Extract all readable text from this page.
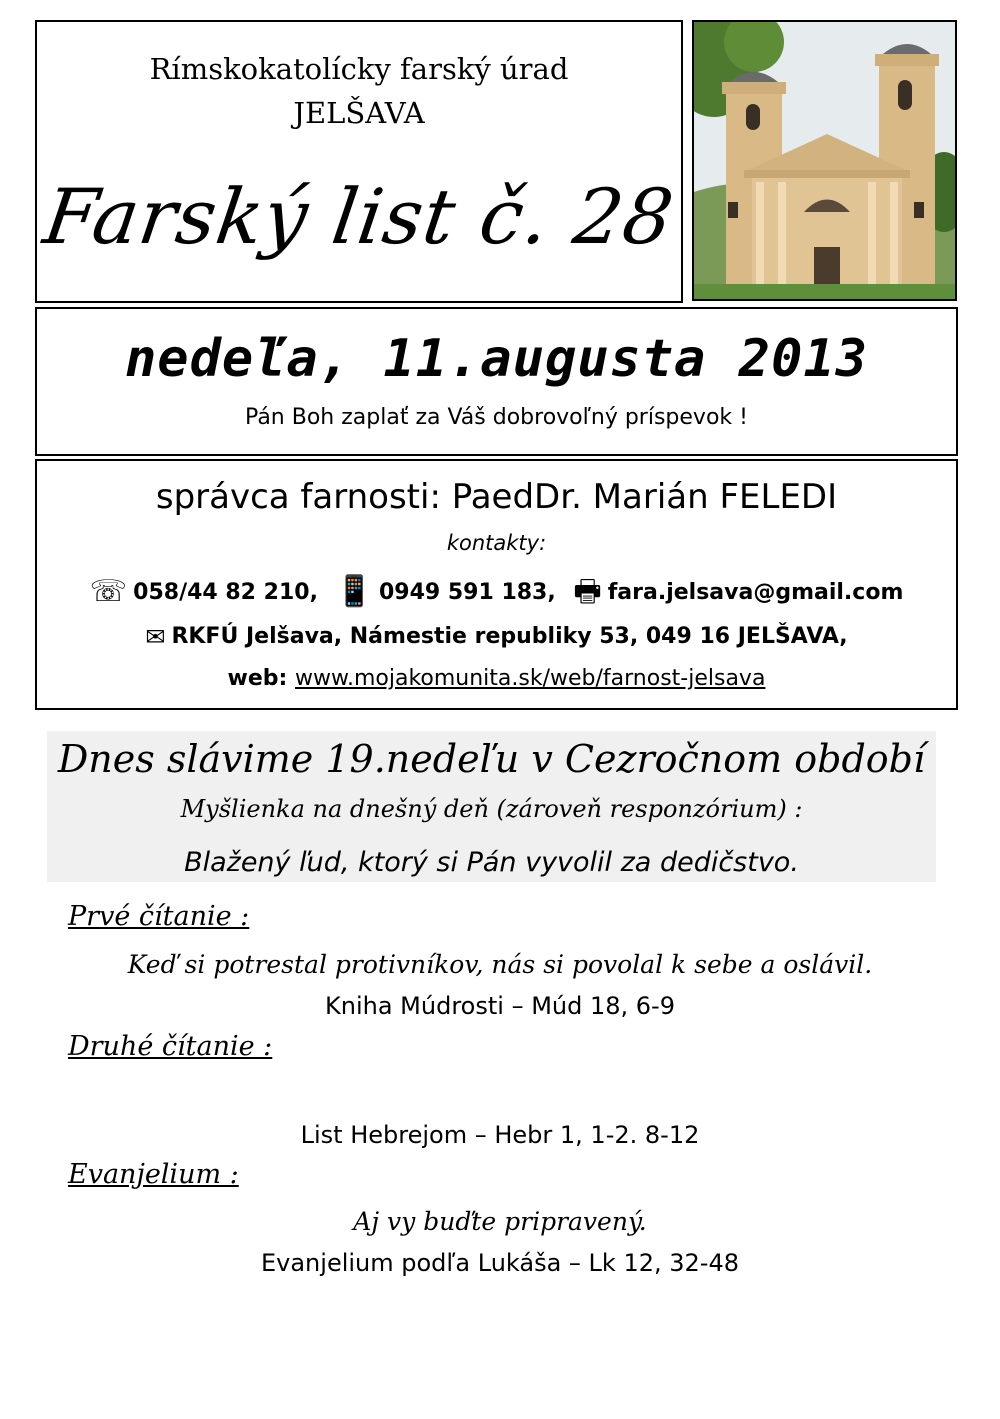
Rímskokatolícky farský úrad
JELŠAVA
Farský list č. 28
nedeľa, 11.augusta 2013
Pán Boh zaplať za Váš dobrovoľný príspevok !
správca farnosti: PaedDr. Marián FELEDI
kontakty:
☏ 058/44 82 210, 📱 0949 591 183, 🖶 fara.jelsava@gmail.com
✉ RKFÚ Jelšava, Námestie republiky 53, 049 16 JELŠAVA,
web: www.mojakomunita.sk/web/farnost-jelsava
Dnes slávime 19.nedeľu v Cezročnom období
Myšlienka na dnešný deň (zároveň responzórium) :
Blažený ľud, ktorý si Pán vyvolil za dedičstvo.
Prvé čítanie :
Keď si potrestal protivníkov, nás si povolal k sebe a oslávil.
Kniha Múdrosti – Múd 18, 6-9
Druhé čítanie :
List Hebrejom – Hebr 1, 1-2. 8-12
Evanjelium :
Aj vy buďte pripravený.
Evanjelium podľa Lukáša – Lk 12, 32-48
